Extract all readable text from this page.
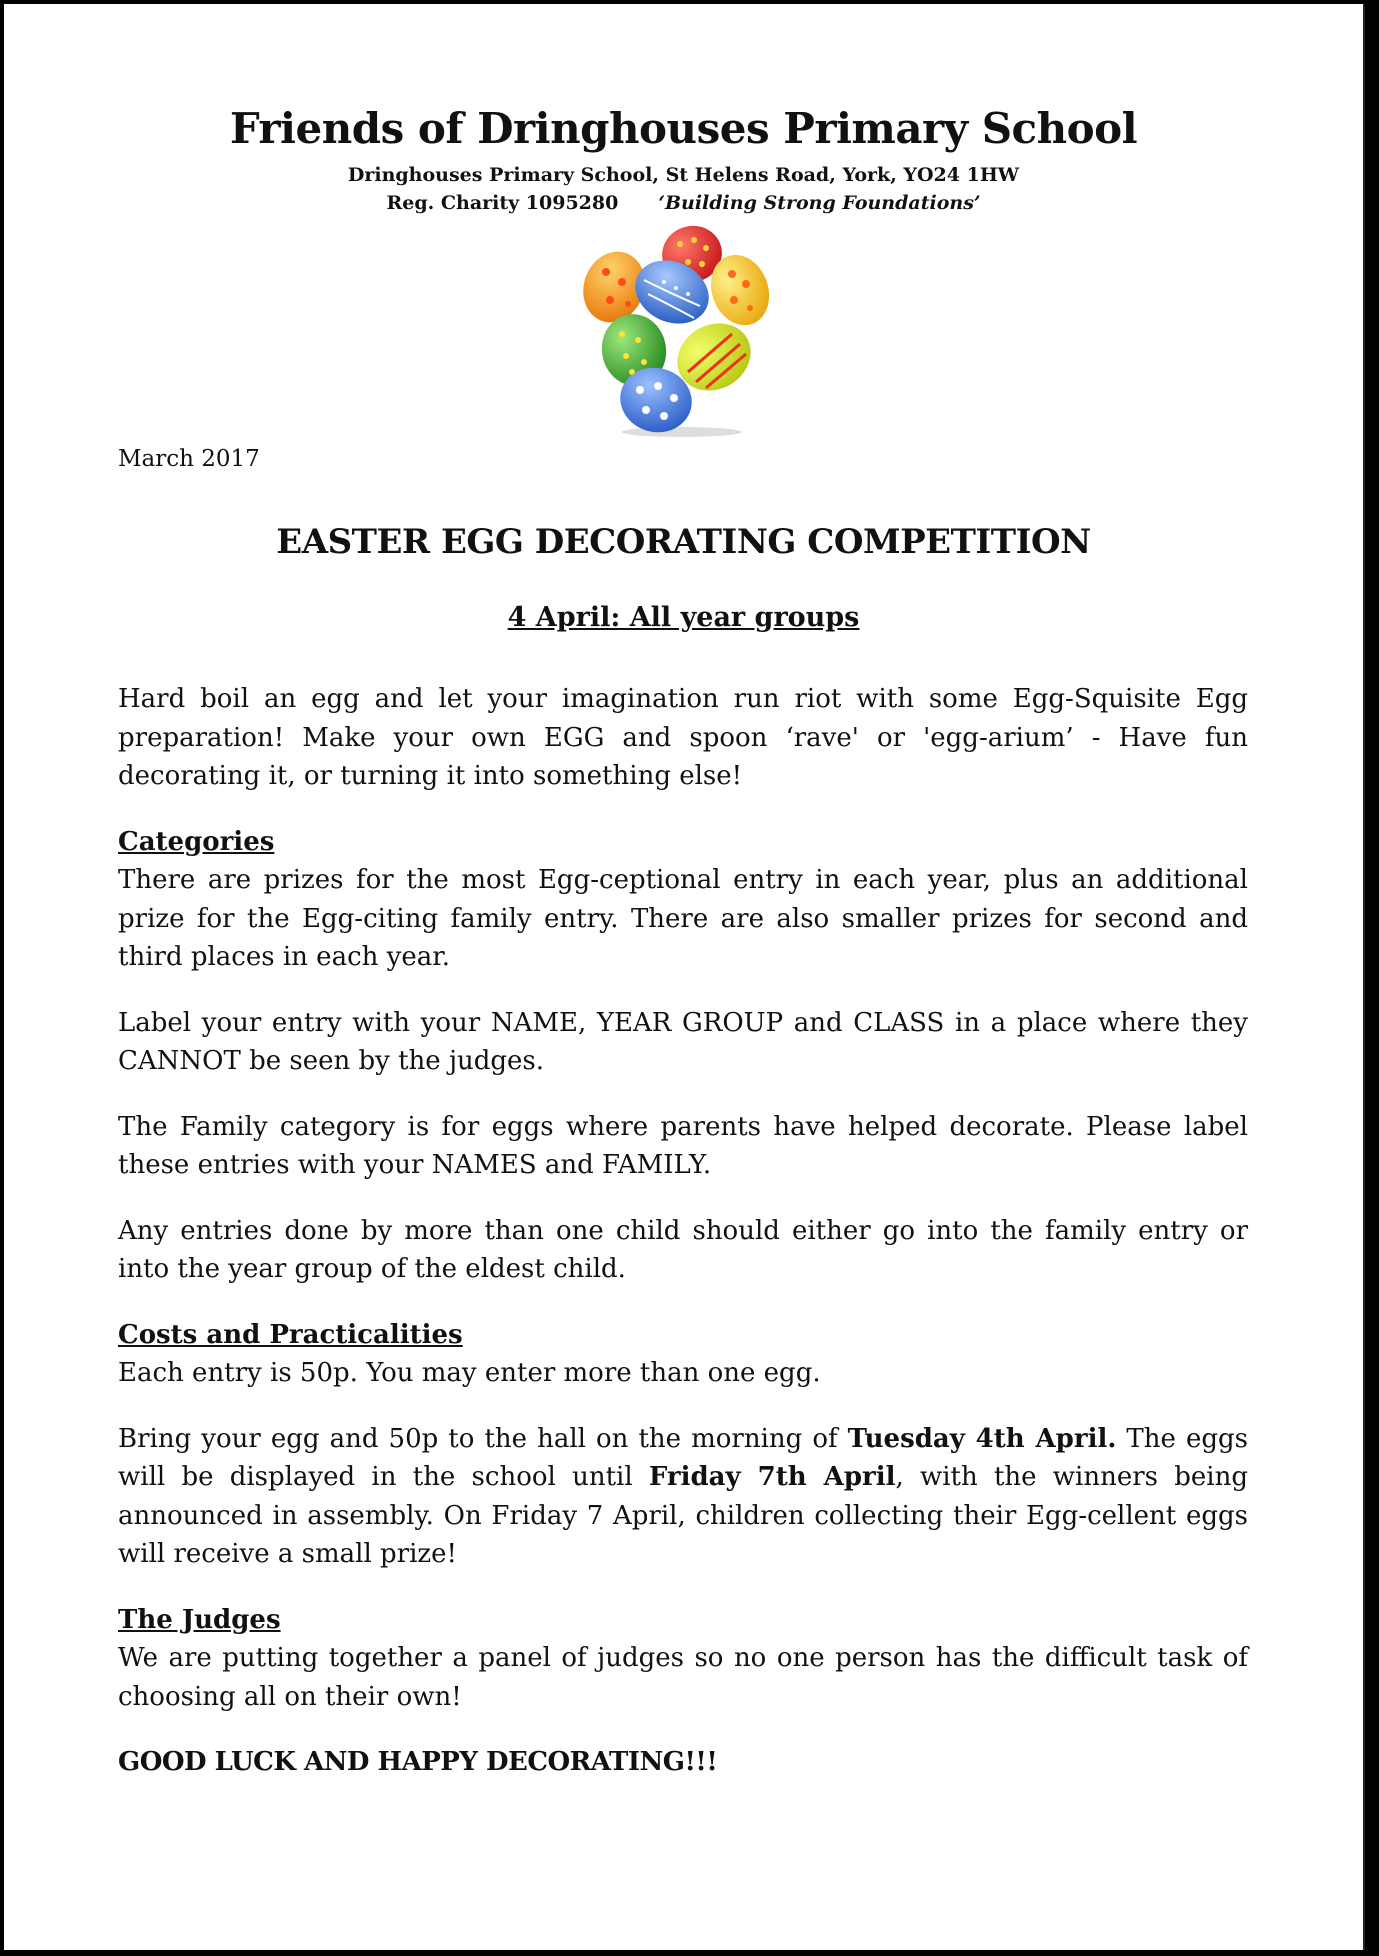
Friends of Dringhouses Primary School
Dringhouses Primary School, St Helens Road, York, YO24 1HW
Reg. Charity 1095280 ‘Building Strong Foundations’
March 2017
EASTER EGG DECORATING COMPETITION
4 April: All year groups

Hard boil an egg and let your imagination run riot with some Egg-Squisite Egg preparation! Make your own EGG and spoon ‘rave' or 'egg-arium’ - Have fun decorating it, or turning it into something else!

Categories
There are prizes for the most Egg-ceptional entry in each year, plus an additional prize for the Egg-citing family entry. There are also smaller prizes for second and third places in each year.

Label your entry with your NAME, YEAR GROUP and CLASS in a place where they CANNOT be seen by the judges.

The Family category is for eggs where parents have helped decorate. Please label these entries with your NAMES and FAMILY.

Any entries done by more than one child should either go into the family entry or into the year group of the eldest child.

Costs and Practicalities
Each entry is 50p. You may enter more than one egg.

Bring your egg and 50p to the hall on the morning of Tuesday 4th April. The eggs will be displayed in the school until Friday 7th April, with the winners being announced in assembly. On Friday 7 April, children collecting their Egg-cellent eggs will receive a small prize!

The Judges
We are putting together a panel of judges so no one person has the difficult task of choosing all on their own!

GOOD LUCK AND HAPPY DECORATING!!!
